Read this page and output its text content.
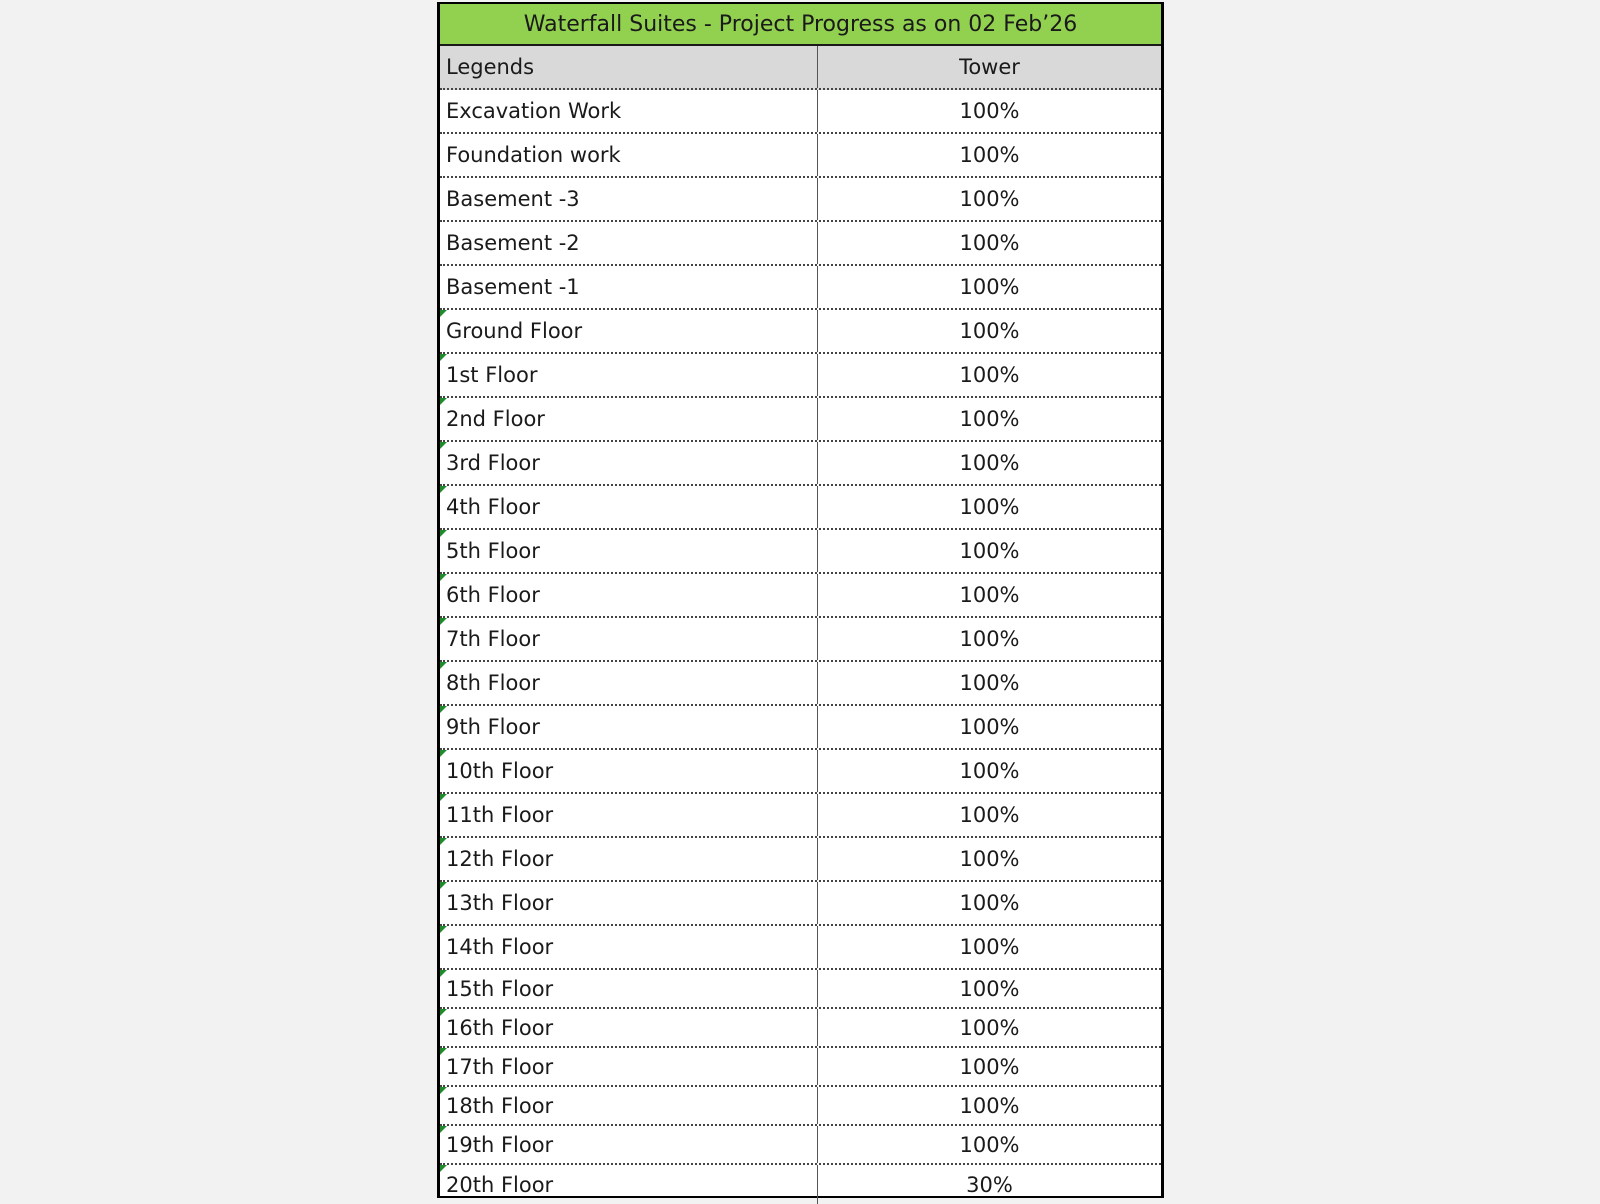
Waterfall Suites - Project Progress as on 02 Feb’26
Legends	Tower
Excavation Work	100%
Foundation work	100%
Basement -3	100%
Basement -2	100%
Basement -1	100%
Ground Floor	100%
1st Floor	100%
2nd Floor	100%
3rd Floor	100%
4th Floor	100%
5th Floor	100%
6th Floor	100%
7th Floor	100%
8th Floor	100%
9th Floor	100%
10th Floor	100%
11th Floor	100%
12th Floor	100%
13th Floor	100%
14th Floor	100%
15th Floor	100%
16th Floor	100%
17th Floor	100%
18th Floor	100%
19th Floor	100%
20th Floor	30%
